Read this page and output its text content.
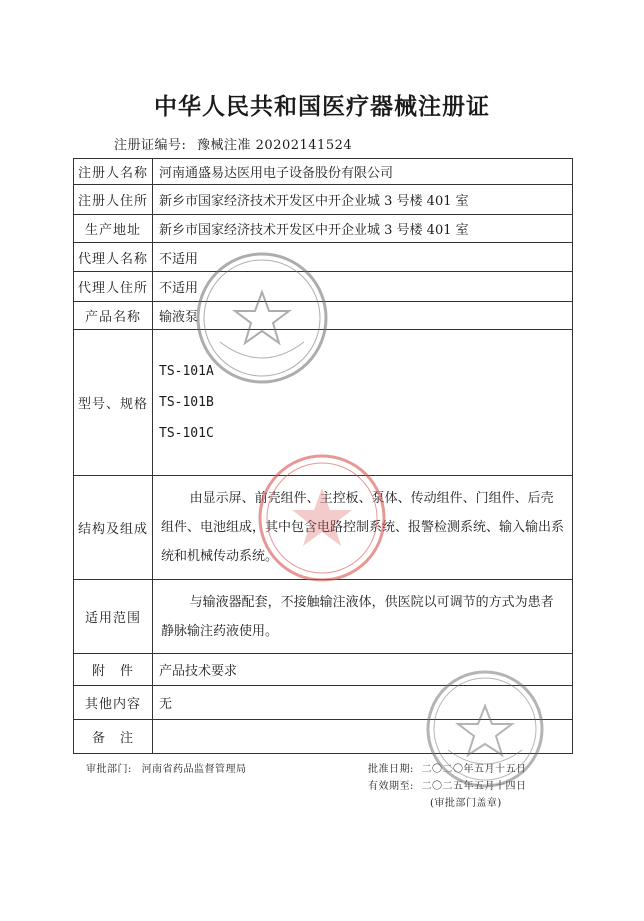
中华人民共和国医疗器械注册证
注册证编号: 豫械注准 20202141524
注册人名称	河南通盛易达医用电子设备股份有限公司
注册人住所	新乡市国家经济技术开发区中开企业城 3 号楼 401 室
生产地址	新乡市国家经济技术开发区中开企业城 3 号楼 401 室
代理人名称	不适用
代理人住所	不适用
产品名称	输液泵
型号、规格	TS-101A
TS-101B
TS-101C

结构及组成	由显示屏、前壳组件、主控板、泵体、传动组件、门组件、后壳组件、电池组成，其中包含电路控制系统、报警检测系统、输入输出系统和机械传动系统。
适用范围	与输液器配套，不接触输注液体，供医院以可调节的方式为患者静脉输注药液使用。
附　件	产品技术要求
其他内容	无
备　注	
审批部门: 河南省药品监督管理局	批准日期: 二〇二〇年五月十五日
有效期至: 二〇二五年五月十四日
(审批部门盖章)
